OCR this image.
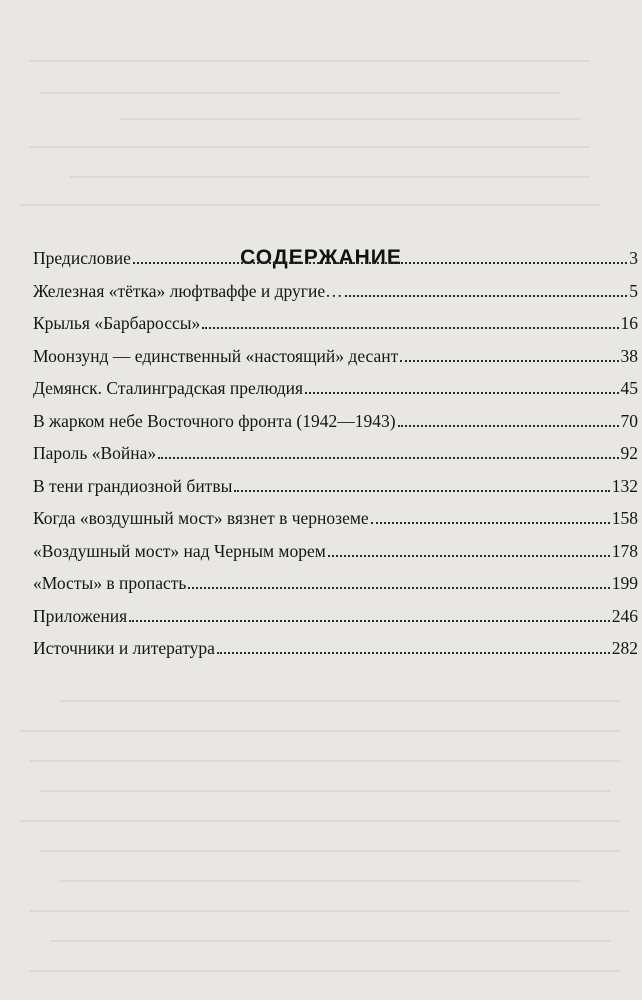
СОДЕРЖАНИЕ
Предисловие	3
Железная «тётка» люфтваффе и другие…	5
Крылья «Барбароссы»	16
Моонзунд — единственный «настоящий» десант	38
Демянск. Сталинградская прелюдия	45
В жарком небе Восточного фронта (1942—1943)	70
Пароль «Война»	92
В тени грандиозной битвы	132
Когда «воздушный мост» вязнет в черноземе	158
«Воздушный мост» над Черным морем	178
«Мосты» в пропасть	199
Приложения	246
Источники и литература	282
